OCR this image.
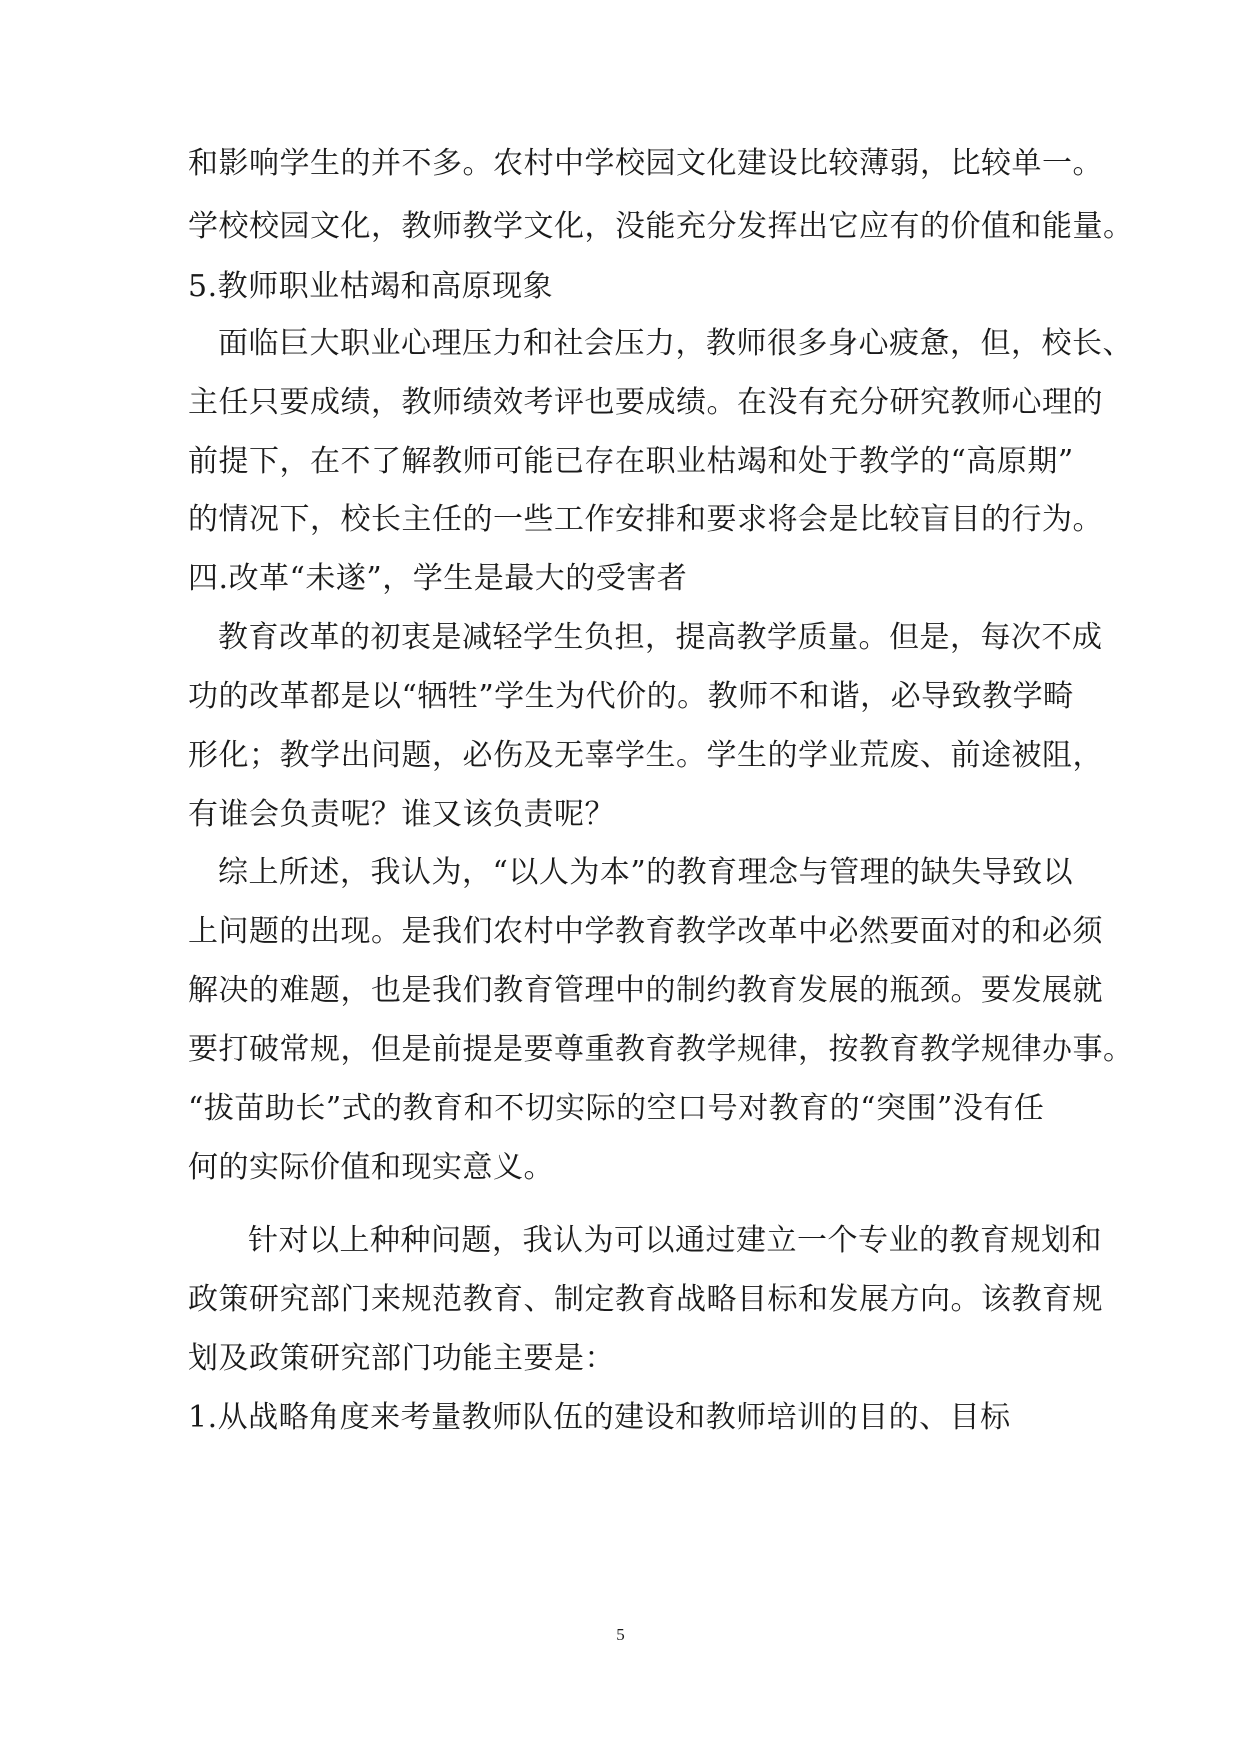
和影响学生的并不多。农村中学校园文化建设比较薄弱，比较单一。
学校校园文化，教师教学文化，没能充分发挥出它应有的价值和能量。
5.教师职业枯竭和高原现象
面临巨大职业心理压力和社会压力，教师很多身心疲惫，但，校长、
主任只要成绩，教师绩效考评也要成绩。在没有充分研究教师心理的
前提下，在不了解教师可能已存在职业枯竭和处于教学的“高原期”
的情况下，校长主任的一些工作安排和要求将会是比较盲目的行为。
四.改革“未遂”，学生是最大的受害者
教育改革的初衷是减轻学生负担，提高教学质量。但是，每次不成
功的改革都是以“牺牲”学生为代价的。教师不和谐，必导致教学畸
形化；教学出问题，必伤及无辜学生。学生的学业荒废、前途被阻，
有谁会负责呢？谁又该负责呢？
综上所述，我认为，“以人为本”的教育理念与管理的缺失导致以
上问题的出现。是我们农村中学教育教学改革中必然要面对的和必须
解决的难题，也是我们教育管理中的制约教育发展的瓶颈。要发展就
要打破常规，但是前提是要尊重教育教学规律，按教育教学规律办事。
“拔苗助长”式的教育和不切实际的空口号对教育的“突围”没有任
何的实际价值和现实意义。
针对以上种种问题，我认为可以通过建立一个专业的教育规划和
政策研究部门来规范教育、制定教育战略目标和发展方向。该教育规
划及政策研究部门功能主要是：
1.从战略角度来考量教师队伍的建设和教师培训的目的、目标
5
